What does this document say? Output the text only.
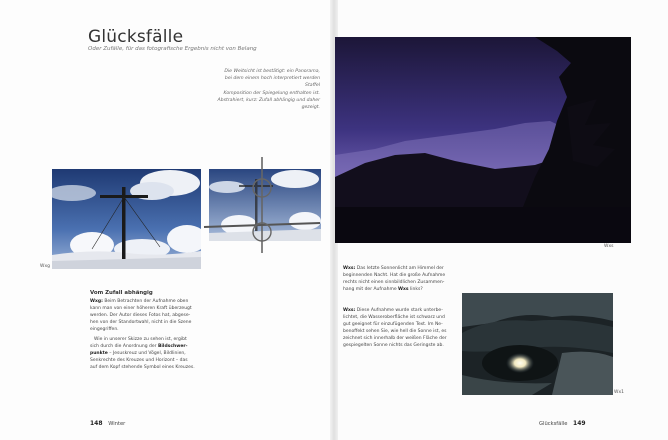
Glücksfälle
Oder Zufälle, für das fotografische Ergebnis nicht von Belang
Die Weitsicht ist bestätigt: ein Panorama,
bei dem einem hoch interpretiert werden Staffel
Komposition der Spiegelung enthalten ist.
Abstrahiert, kurz: Zufall abhängig und daher
gezeigt.
Wxg
Vom Zufall abhängig
Wxg: Beim Betrachten der Aufnahme oben
kann man von einer höheren Kraft überzeugt
werden. Der Autor dieses Fotos hat, abgese-
hen von der Standortwahl, nicht in die Szene
eingegriffen.
Wie in unserer Skizze zu sehen ist, ergibt
sich durch die Anordnung der Bildschwer-
punkte – Jesuskreuz und Vögel, Bildlinien,
Senkrechte des Kreuzes und Horizont – das
auf dem Kopf stehende Symbol eines Kreuzes.
148 Winter
Wxs
Wxs: Das letzte Sonnenlicht am Himmel der
beginnenden Nacht. Hat die große Aufnahme
rechts nicht einen sinnbildlichen Zusammen-
hang mit der Aufnahme Wxs links?
Wxs: Diese Aufnahme wurde stark unterbe-
lichtet, die Wasseroberfläche ist schwarz und
gut geeignet für einzufügenden Text. Im Ne-
benoffekt sehen Sie, wie hell die Sonne ist, es
zeichnet sich innerhalb der weißen Fläche der
gespiegelten Sonne nichts das Geringste ab.
Wx1
Glücksfälle 149
